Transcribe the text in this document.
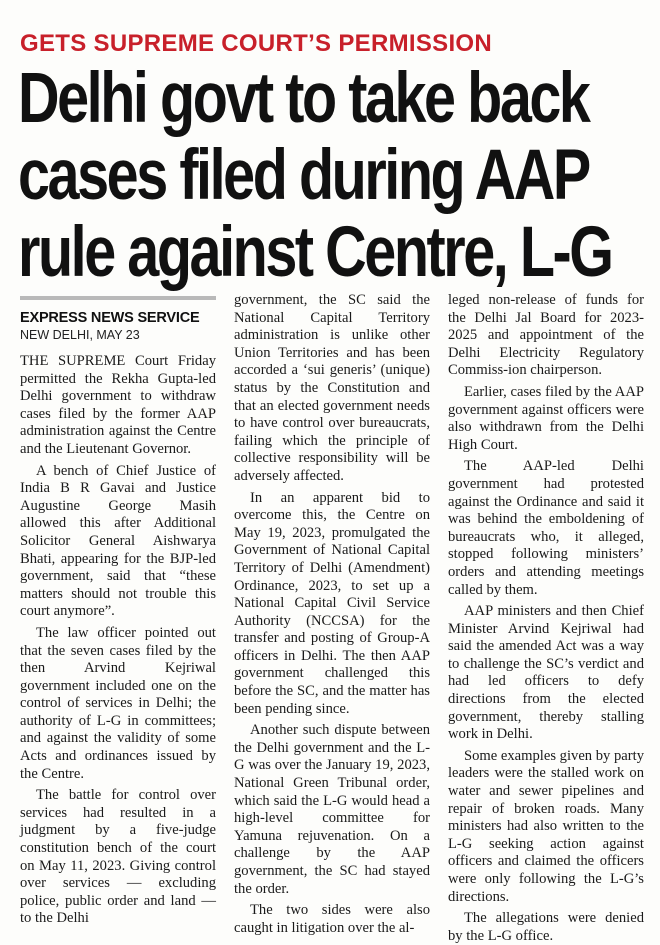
GETS SUPREME COURT’S PERMISSION
Delhi govt to take back
cases filed during AAP
rule against Centre, L-G
EXPRESS NEWS SERVICE
NEW DELHI, MAY 23

THE SUPREME Court Friday permitted the Rekha Gupta-led Delhi government to withdraw cases filed by the former AAP administration against the Centre and the Lieutenant Governor.

A bench of Chief Justice of India B R Gavai and Justice Augustine George Masih allowed this after Additional Solicitor General Aishwarya Bhati, appearing for the BJP-led government, said that “these matters should not trouble this court anymore”.

The law officer pointed out that the seven cases filed by the then Arvind Kejriwal government included one on the control of services in Delhi; the authority of L-G in committees; and against the validity of some Acts and ordinances issued by the Centre.

The battle for control over services had resulted in a judgment by a five-judge constitution bench of the court on May 11, 2023. Giving control over services — excluding police, public order and land — to the Delhi

government, the SC said the National Capital Territory administration is unlike other Union Territories and has been accorded a ‘sui generis’ (unique) status by the Constitution and that an elected government needs to have control over bureaucrats, failing which the principle of collective responsibility will be adversely affected.

In an apparent bid to overcome this, the Centre on May 19, 2023, promulgated the Government of National Capital Territory of Delhi (Amendment) Ordinance, 2023, to set up a National Capital Civil Service Authority (NCCSA) for the transfer and posting of Group-A officers in Delhi. The then AAP government challenged this before the SC, and the matter has been pending since.

Another such dispute between the Delhi government and the L-G was over the January 19, 2023, National Green Tribunal order, which said the L-G would head a high-level committee for Yamuna rejuvenation. On a challenge by the AAP government, the SC had stayed the order.

The two sides were also caught in litigation over the al-

leged non-release of funds for the Delhi Jal Board for 2023-2025 and appointment of the Delhi Electricity Regulatory Commiss-ion chairperson.

Earlier, cases filed by the AAP government against officers were also withdrawn from the Delhi High Court.

The AAP-led Delhi government had protested against the Ordinance and said it was behind the emboldening of bureaucrats who, it alleged, stopped following ministers’ orders and attending meetings called by them.

AAP ministers and then Chief Minister Arvind Kejriwal had said the amended Act was a way to challenge the SC’s verdict and had led officers to defy directions from the elected government, thereby stalling work in Delhi.

Some examples given by party leaders were the stalled work on water and sewer pipelines and repair of broken roads. Many ministers had also written to the L-G seeking action against officers and claimed the officers were only following the L-G’s directions.

The allegations were denied by the L-G office.
